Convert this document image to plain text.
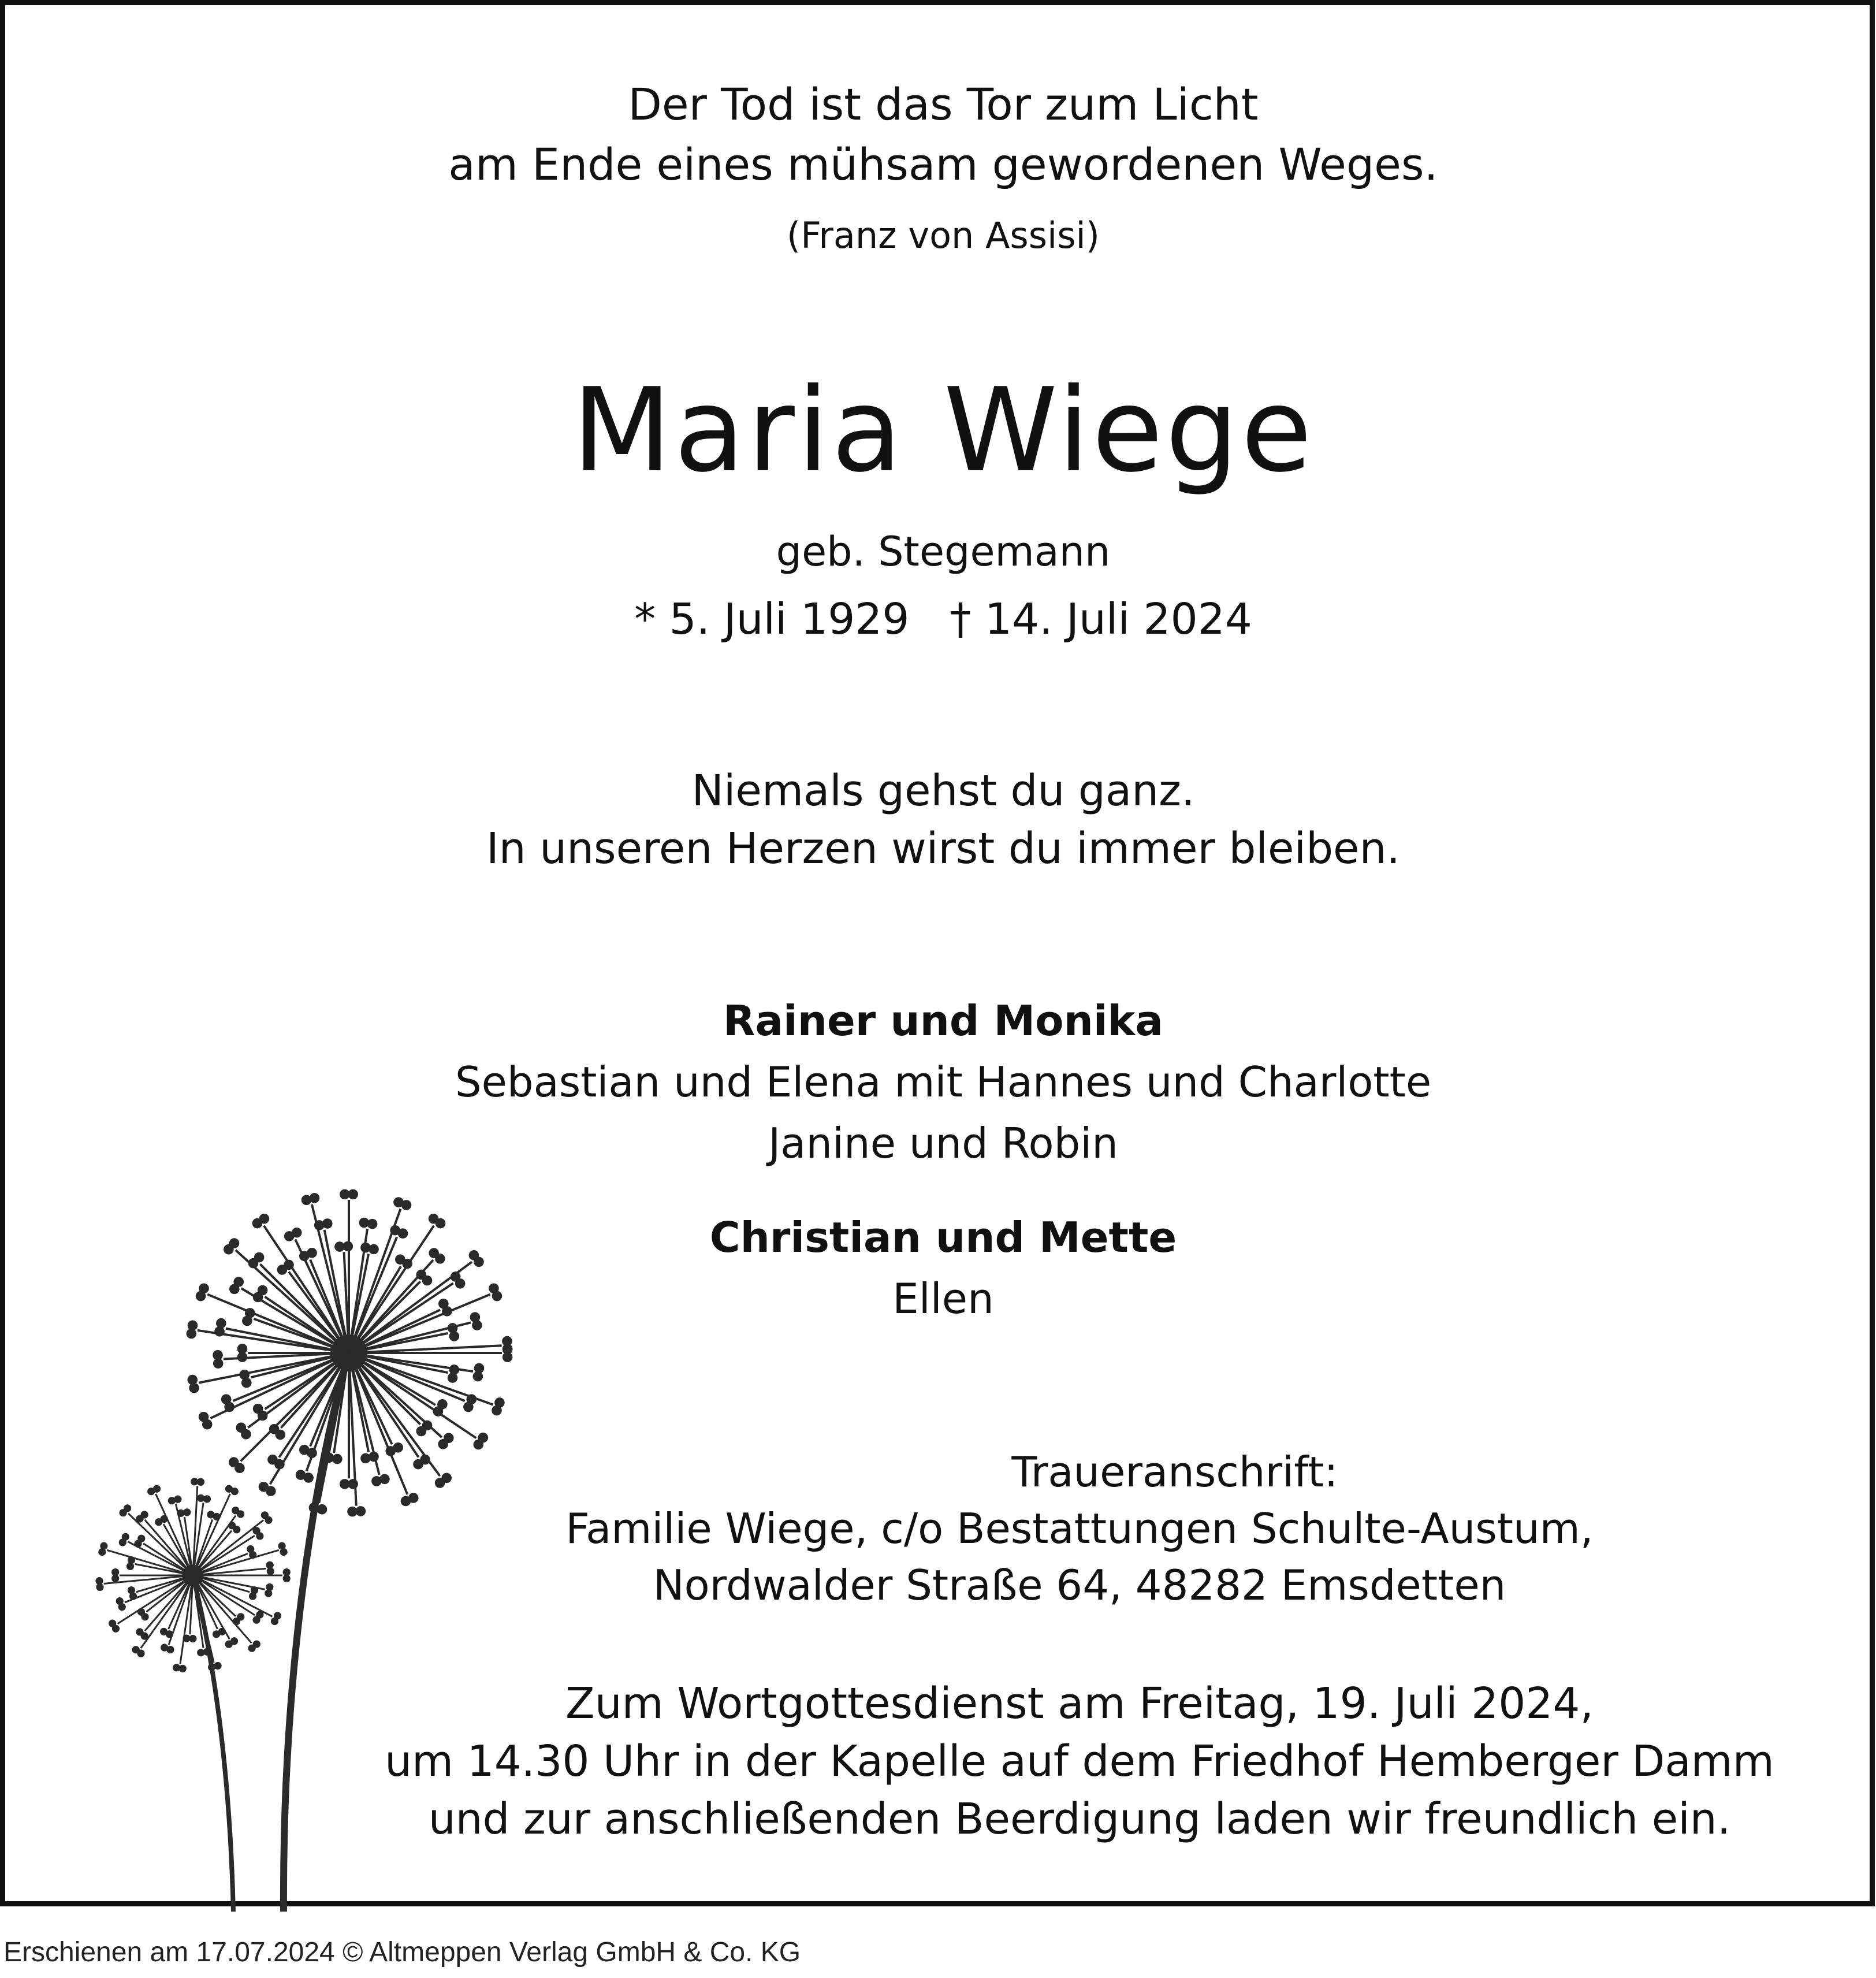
Der Tod ist das Tor zum Licht
am Ende eines mühsam gewordenen Weges.
(Franz von Assisi)
Maria Wiege
geb. Stegemann
* 5. Juli 1929 † 14. Juli 2024
Niemals gehst du ganz.
In unseren Herzen wirst du immer bleiben.
Rainer und Monika
Sebastian und Elena mit Hannes und Charlotte
Janine und Robin
Christian und Mette
Ellen
Traueranschrift:
Familie Wiege, c/o Bestattungen Schulte-Austum,
Nordwalder Straße 64, 48282 Emsdetten
Zum Wortgottesdienst am Freitag, 19. Juli 2024,
um 14.30 Uhr in der Kapelle auf dem Friedhof Hemberger Damm
und zur anschließenden Beerdigung laden wir freundlich ein.
Erschienen am 17.07.2024 © Altmeppen Verlag GmbH & Co. KG
